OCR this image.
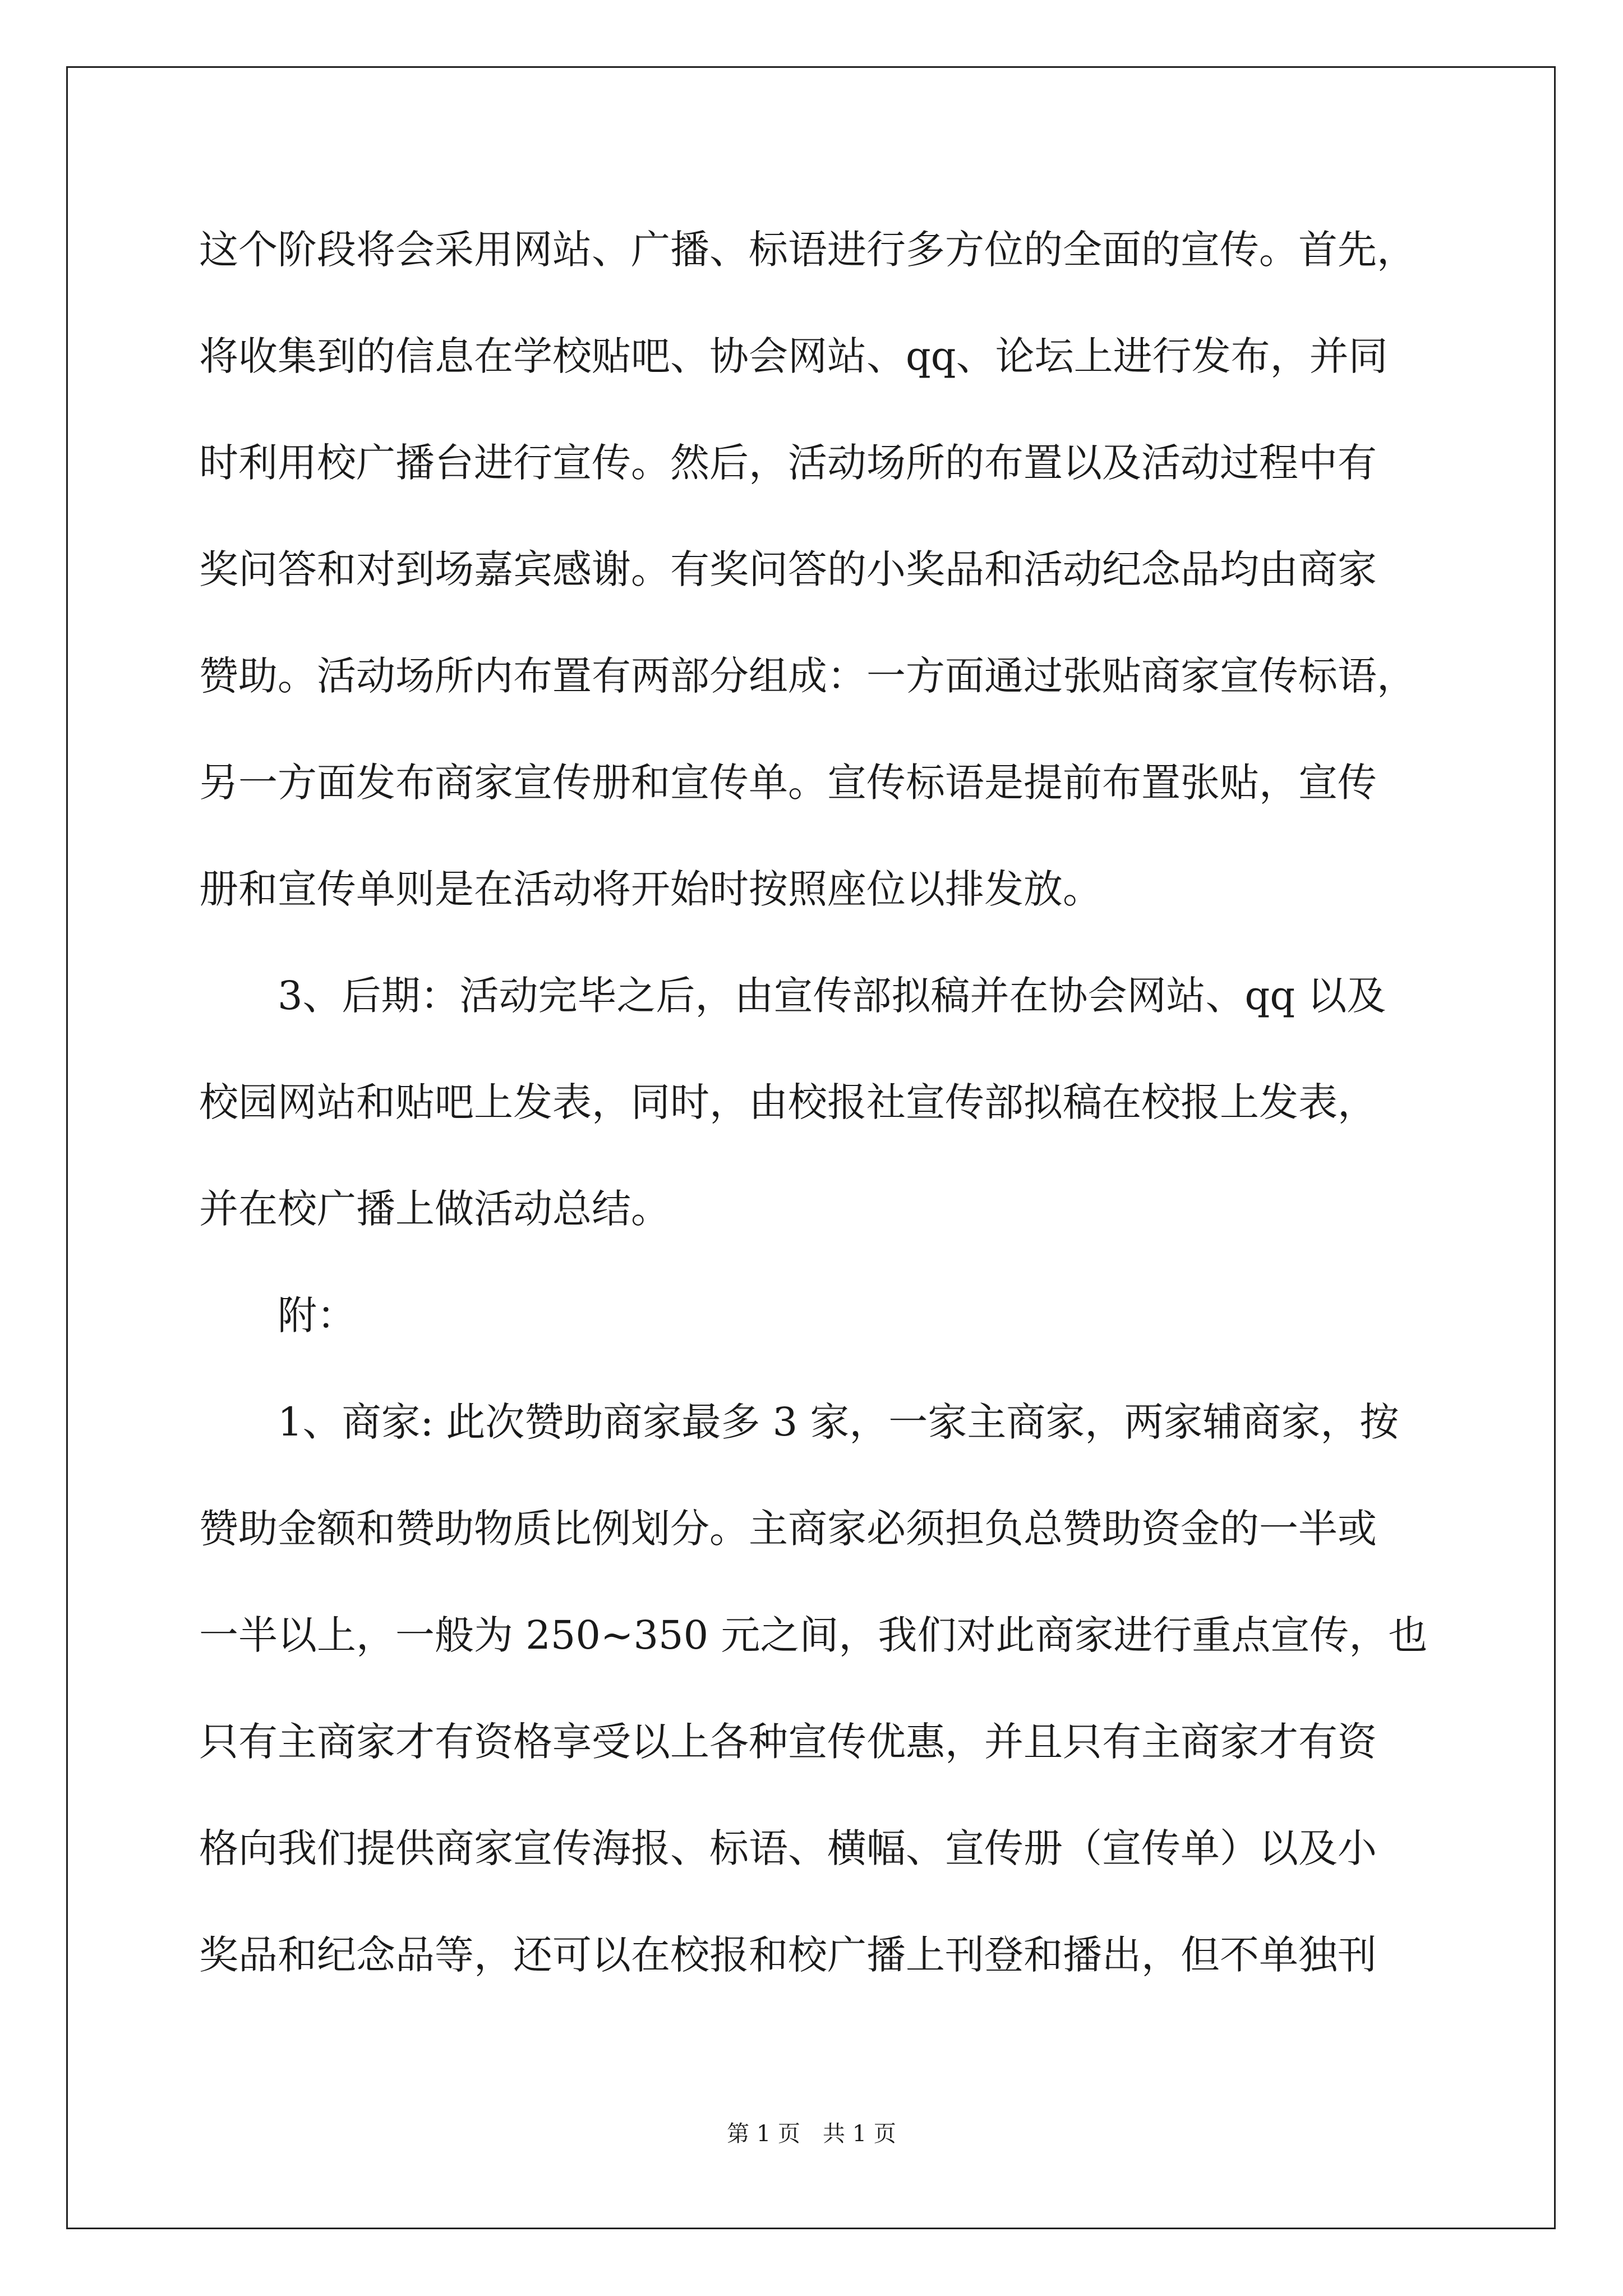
这个阶段将会采用网站、广播、标语进行多方位的全面的宣传。首先，
将收集到的信息在学校贴吧、协会网站、qq、论坛上进行发布，并同
时利用校广播台进行宣传。然后，活动场所的布置以及活动过程中有
奖问答和对到场嘉宾感谢。有奖问答的小奖品和活动纪念品均由商家
赞助。活动场所内布置有两部分组成：一方面通过张贴商家宣传标语，
另一方面发布商家宣传册和宣传单。宣传标语是提前布置张贴，宣传
册和宣传单则是在活动将开始时按照座位以排发放。
3、后期：活动完毕之后，由宣传部拟稿并在协会网站、qq 以及
校园网站和贴吧上发表，同时，由校报社宣传部拟稿在校报上发表，
并在校广播上做活动总结。
附：
1、商家: 此次赞助商家最多 3 家，一家主商家，两家辅商家，按
赞助金额和赞助物质比例划分。主商家必须担负总赞助资金的一半或
一半以上，一般为 250~350 元之间，我们对此商家进行重点宣传，也
只有主商家才有资格享受以上各种宣传优惠，并且只有主商家才有资
格向我们提供商家宣传海报、标语、横幅、宣传册（宣传单）以及小
奖品和纪念品等，还可以在校报和校广播上刊登和播出，但不单独刊
第 1 页　共 1 页
